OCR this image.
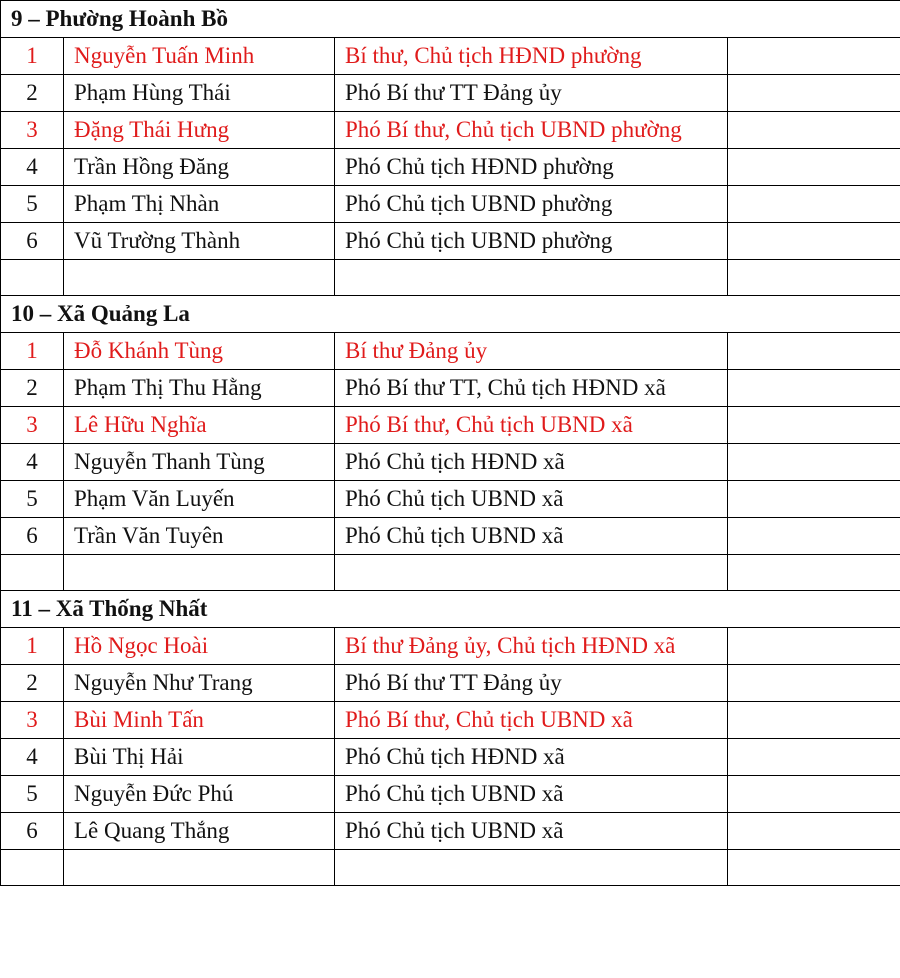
9 – Phường Hoành Bồ			
1	Nguyễn Tuấn Minh	Bí thư, Chủ tịch HĐND phường	
2	Phạm Hùng Thái	Phó Bí thư TT Đảng ủy	
3	Đặng Thái Hưng	Phó Bí thư, Chủ tịch UBND phường	
4	Trần Hồng Đăng	Phó Chủ tịch HĐND phường	
5	Phạm Thị Nhàn	Phó Chủ tịch UBND phường	
6	Vũ Trường Thành	Phó Chủ tịch UBND phường	

10 – Xã Quảng La			
1	Đỗ Khánh Tùng	Bí thư Đảng ủy	
2	Phạm Thị Thu Hằng	Phó Bí thư TT, Chủ tịch HĐND xã	
3	Lê Hữu Nghĩa	Phó Bí thư, Chủ tịch UBND xã	
4	Nguyễn Thanh Tùng	Phó Chủ tịch HĐND xã	
5	Phạm Văn Luyến	Phó Chủ tịch UBND xã	
6	Trần Văn Tuyên	Phó Chủ tịch UBND xã	

11 – Xã Thống Nhất			
1	Hồ Ngọc Hoài	Bí thư Đảng ủy, Chủ tịch HĐND xã	
2	Nguyễn Như Trang	Phó Bí thư TT Đảng ủy	
3	Bùi Minh Tấn	Phó Bí thư, Chủ tịch UBND xã	
4	Bùi Thị Hải	Phó Chủ tịch HĐND xã	
5	Nguyễn Đức Phú	Phó Chủ tịch UBND xã	
6	Lê Quang Thắng	Phó Chủ tịch UBND xã	
